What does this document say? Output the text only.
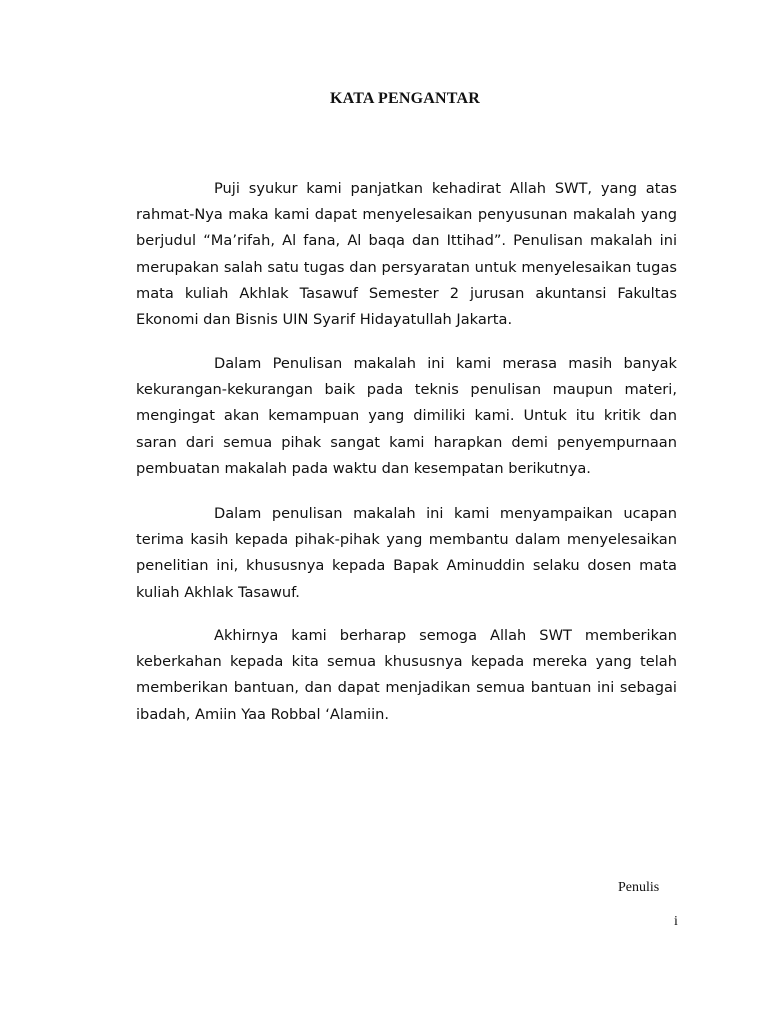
KATA PENGANTAR

Puji syukur kami panjatkan kehadirat Allah SWT, yang atas rahmat-Nya maka kami dapat menyelesaikan penyusunan makalah yang berjudul “Ma’rifah, Al fana, Al baqa dan Ittihad”. Penulisan makalah ini merupakan salah satu tugas dan persyaratan untuk menyelesaikan tugas mata kuliah Akhlak Tasawuf Semester 2 jurusan akuntansi Fakultas Ekonomi dan Bisnis UIN Syarif Hidayatullah Jakarta.

Dalam Penulisan makalah ini kami merasa masih banyak kekurangan-kekurangan baik pada teknis penulisan maupun materi, mengingat akan kemampuan yang dimiliki kami. Untuk itu kritik dan saran dari semua pihak sangat kami harapkan demi penyempurnaan pembuatan makalah pada waktu dan kesempatan berikutnya.

Dalam penulisan makalah ini kami menyampaikan ucapan terima kasih kepada pihak-pihak yang membantu dalam menyelesaikan penelitian ini, khususnya kepada Bapak Aminuddin selaku dosen mata kuliah Akhlak Tasawuf.

Akhirnya kami berharap semoga Allah SWT memberikan keberkahan kepada kita semua khususnya kepada mereka yang telah memberikan bantuan, dan dapat menjadikan semua bantuan ini sebagai ibadah, Amiin Yaa Robbal ‘Alamiin.

Penulis

i
